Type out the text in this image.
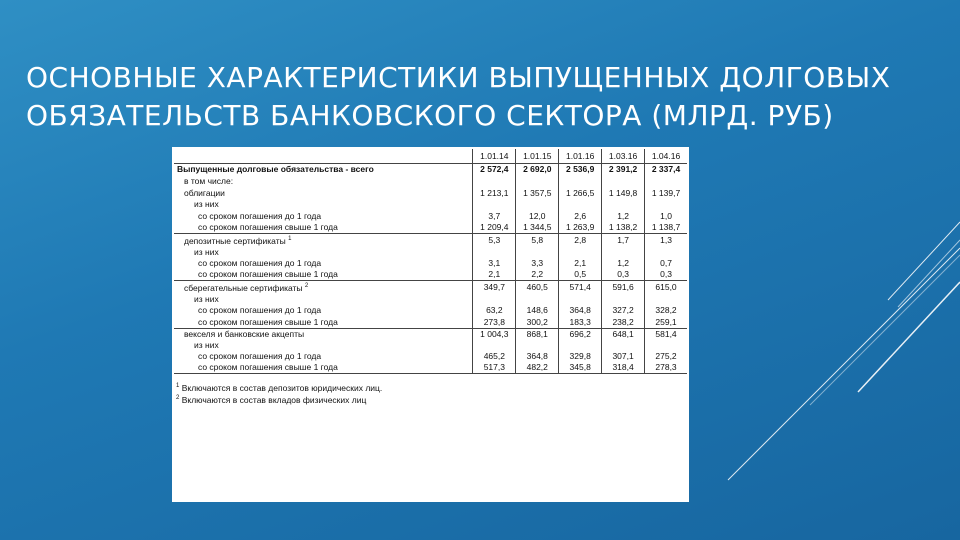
ОСНОВНЫЕ ХАРАКТЕРИСТИКИ ВЫПУЩЕННЫХ ДОЛГОВЫХ
ОБЯЗАТЕЛЬСТВ БАНКОВСКОГО СЕКТОРА (МЛРД. РУБ)
	1.01.14	1.01.15	1.01.16	1.03.16	1.04.16
Выпущенные долговые обязательства - всего	2 572,4	2 692,0	2 536,9	2 391,2	2 337,4
в том числе:					
облигации	1 213,1	1 357,5	1 266,5	1 149,8	1 139,7
из них					
со сроком погашения до 1 года	3,7	12,0	2,6	1,2	1,0
со сроком погашения свыше 1 года	1 209,4	1 344,5	1 263,9	1 138,2	1 138,7
депозитные сертификаты $^1$	5,3	5,8	2,8	1,7	1,3
из них					
со сроком погашения до 1 года	3,1	3,3	2,1	1,2	0,7
со сроком погашения свыше 1 года	2,1	2,2	0,5	0,3	0,3
сберегательные сертификаты $^2$	349,7	460,5	571,4	591,6	615,0
из них					
со сроком погашения до 1 года	63,2	148,6	364,8	327,2	328,2
со сроком погашения свыше 1 года	273,8	300,2	183,3	238,2	259,1
векселя и банковские акцепты	1 004,3	868,1	696,2	648,1	581,4
из них					
со сроком погашения до 1 года	465,2	364,8	329,8	307,1	275,2
со сроком погашения свыше 1 года	517,3	482,2	345,8	318,4	278,3
$^1$ Включаются в состав депозитов юридических лиц.
$^2$ Включаются в состав вкладов физических лиц
